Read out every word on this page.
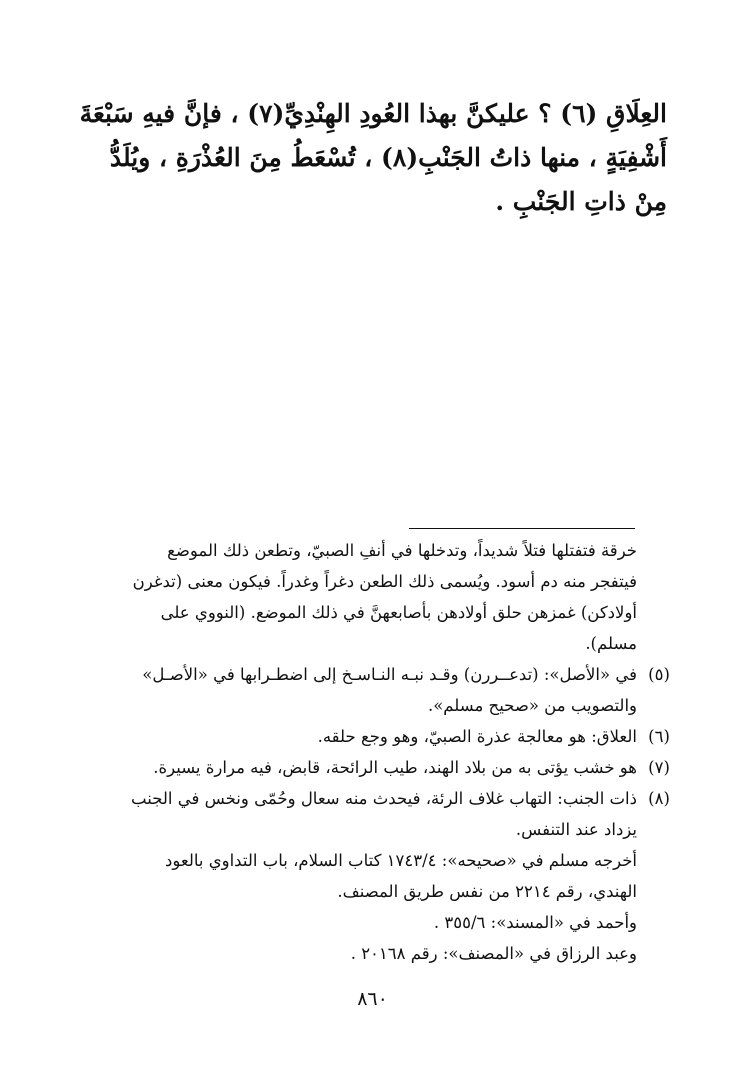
العِلَاقِ (٦) ؟ عليكنَّ بهذا العُودِ الهِنْدِيِّ(٧) ، فإنَّ فيهِ سَبْعَةَ
أَشْفِيَةٍ ، منها ذاتُ الجَنْبِ(٨) ، تُسْعَطُ مِنَ العُذْرَةِ ، ويُلَدُّ
مِنْ ذاتِ الجَنْبِ .
خرقة فتفتلها فتلاً شديداً، وتدخلها في أنفِ الصبيّ، وتطعن ذلك الموضع
فيتفجر منه دم أسود. ويُسمى ذلك الطعن دغراً وغدراً. فيكون معنى (تدغرن
أولادكن) غمزهن حلق أولادهن بأصابعهنَّ في ذلك الموضع. (النووي على
مسلم).
(٥)
في «الأصل»: (تدعــررن) وقـد نبـه النـاسـخ إلى اضطـرابها في «الأصـل»
والتصويب من «صحيح مسلم».
(٦)
العلاق: هو معالجة عذرة الصبيّ، وهو وجع حلقه.
(٧)
هو خشب يؤتى به من بلاد الهند، طيب الرائحة، قابض، فيه مرارة يسيرة.
(٨)
ذات الجنب: التهاب غلاف الرئة، فيحدث منه سعال وحُمّى ونخس في الجنب
يزداد عند التنفس.
أخرجه مسلم في «صحيحه»: ١٧٤٣/٤ كتاب السلام، باب التداوي بالعود
الهندي، رقم ٢٢١٤ من نفس طريق المصنف.
وأحمد في «المسند»: ٣٥٥/٦ .
وعبد الرزاق في «المصنف»: رقم ٢٠١٦٨ .
٨٦٠
